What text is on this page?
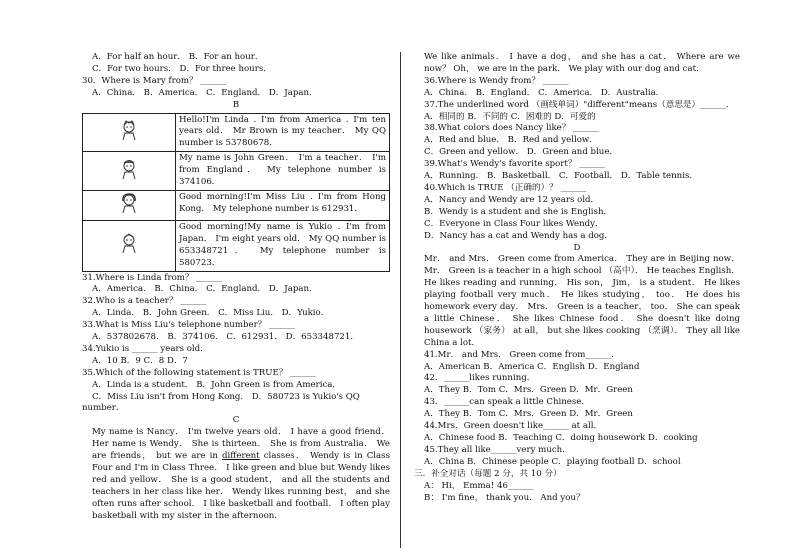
A．For half an hour． B．For an hour．
C．For two hours． D．For three hours．
30．Where is Mary from？ ______
A．China． B．America． C．England． D．Japan．
B
	Hello!I'm Linda . I'm from America . I'm ten years old． Mr Brown is my teacher． My QQ number is 53780678．
	My name is John Green． I'm a teacher． I'm from England． My telephone number is 374106．
	Good morning!I'm Miss Liu . I'm from Hong Kong． My telephone number is 612931．
	Good morning!My name is Yukio . I'm from Japan． I'm eight years old． My QQ number is 653348721． My telephone number is 580723．
31.Where is Linda from？ ______
A．America． B．China． C．England． D．Japan．
32.Who is a teacher？ ______
A．Linda． B．John Green． C．Miss Liu． D．Yukio．
33.What is Miss Liu's telephone number？ ______
A．537802678． B．374106． C．612931． D．653348721．
34.Yukio is ______ years old．
A．10 B．9 C．8 D．7
35.Which of the following statement is TRUE？ ______
A．Linda is a student． B．John Green is from America．
C．Miss Liu isn't from Hong Kong． D．580723 is Yukio's QQ
number．
C
My name is Nancy． I'm twelve years old． I have a good friend． Her name is Wendy． She is thirteen． She is from Australia． We are friends， but we are in different classes． Wendy is in Class Four and I'm in Class Three． I like green and blue but Wendy likes red and yellow． She is a good student， and all the students and teachers in her class like her． Wendy likes running best， and she often runs after school． I like basketball and football． I often play basketball with my sister in the afternoon．
We like animals． I have a dog， and she has a cat． Where are we now？ Oh， we are in the park． We play with our dog and cat．
36.Where is Wendy from？ ______
A．China． B．England． C．America． D．Australia．
37.The underlined word （画线单词）"different"means（意思是）______．
A．相同的 B．不同的 C．困难的 D．可爱的
38.What colors does Nancy like？ ______
A．Red and blue． B．Red and yellow．
C．Green and yellow． D．Green and blue．
39.What's Wendy's favorite sport？ ______
A．Running． B．Basketball． C．Football． D．Table tennis．
40.Which is TRUE （正确的）？ ______
A．Nancy and Wendy are 12 years old．
B．Wendy is a student and she is English．
C．Everyone in Class Four likes Wendy．
D．Nancy has a cat and Wendy has a dog．
D
Mr． and Mrs． Green come from America． They are in Beijing now． Mr． Green is a teacher in a high school （高中）． He teaches English． He likes reading and running． His son， Jim， is a student． He likes playing football very much． He likes studying， too． He does his homework every day． Mrs． Green is a teacher， too． She can speak a little Chinese． She likes Chinese food． She doesn't like doing housework （家务） at all， but she likes cooking （烹调）． They all like China a lot．
41.Mr． and Mrs． Green come from______．
A．American B．America C．English D．England
42．______likes running．
A．They B．Tom C．Mrs．Green D．Mr．Green
43．______can speak a little Chinese．
A．They B．Tom C．Mrs．Green D．Mr．Green
44.Mrs．Green doesn't like______ at all．
A．Chinese food B．Teaching C．doing housework D．cooking
45.They all like______very much．
A．China B．Chinese people C．playing football D．school
三．补全对话（每题 2 分，共 10 分）
A： Hi， Emma! 46______
B： I'm fine， thank you． And you？
